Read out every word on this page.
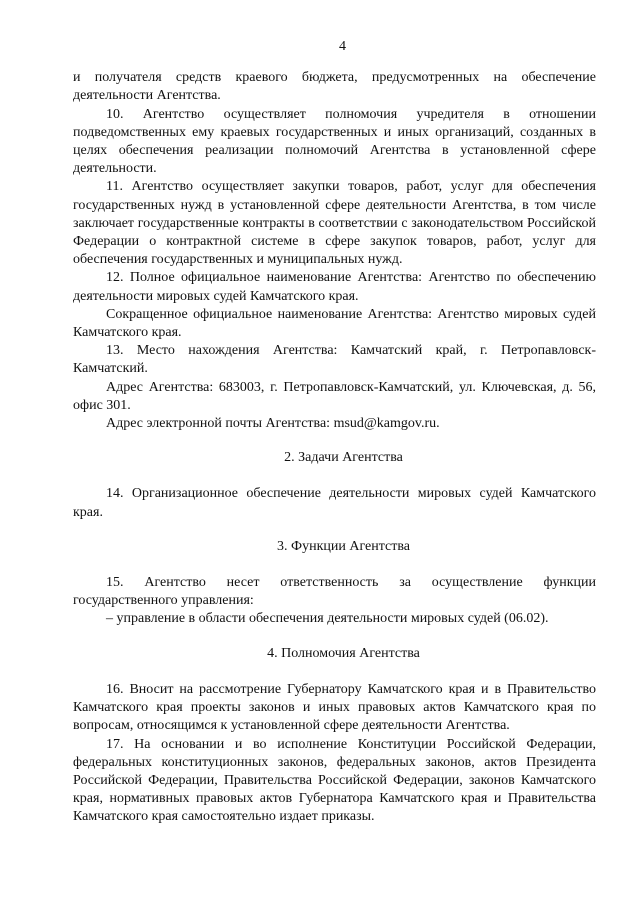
4

и получателя средств краевого бюджета, предусмотренных на обеспечение деятельности Агентства.

10. Агентство осуществляет полномочия учредителя в отношении подведомственных ему краевых государственных и иных организаций, созданных в целях обеспечения реализации полномочий Агентства в установленной сфере деятельности.

11. Агентство осуществляет закупки товаров, работ, услуг для обеспечения государственных нужд в установленной сфере деятельности Агентства, в том числе заключает государственные контракты в соответствии с законодательством Российской Федерации о контрактной системе в сфере закупок товаров, работ, услуг для обеспечения государственных и муниципальных нужд.

12. Полное официальное наименование Агентства: Агентство по обеспечению деятельности мировых судей Камчатского края.

Сокращенное официальное наименование Агентства: Агентство мировых судей Камчатского края.

13. Место нахождения Агентства: Камчатский край, г. Петропавловск-Камчатский.

Адрес Агентства: 683003, г. Петропавловск-Камчатский, ул. Ключевская, д. 56, офис 301.

Адрес электронной почты Агентства: msud@kamgov.ru.

2. Задачи Агентства

14. Организационное обеспечение деятельности мировых судей Камчатского края.

3. Функции Агентства

15. Агентство несет ответственность за осуществление функции государственного управления:

– управление в области обеспечения деятельности мировых судей (06.02).

4. Полномочия Агентства

16. Вносит на рассмотрение Губернатору Камчатского края и в Правительство Камчатского края проекты законов и иных правовых актов Камчатского края по вопросам, относящимся к установленной сфере деятельности Агентства.

17. На основании и во исполнение Конституции Российской Федерации, федеральных конституционных законов, федеральных законов, актов Президента Российской Федерации, Правительства Российской Федерации, законов Камчатского края, нормативных правовых актов Губернатора Камчатского края и Правительства Камчатского края самостоятельно издает приказы.
